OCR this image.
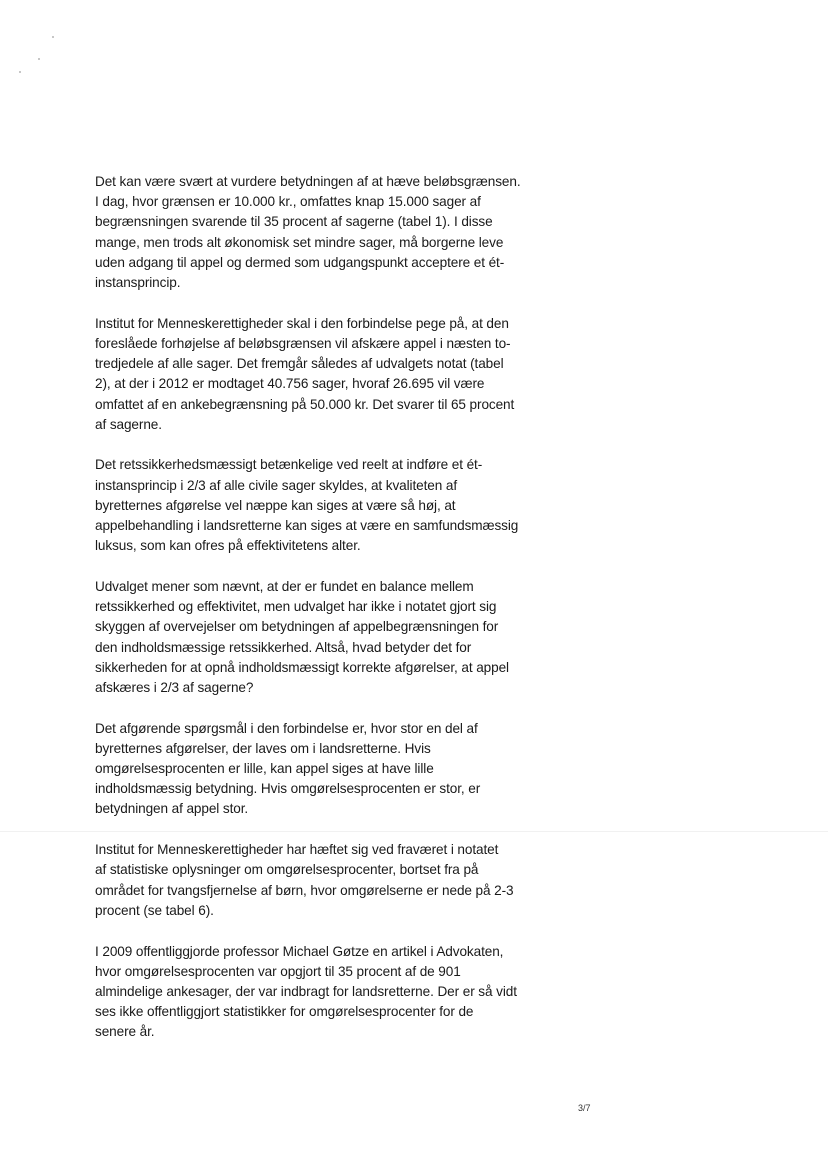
Det kan være svært at vurdere betydningen af at hæve beløbsgrænsen.
I dag, hvor grænsen er 10.000 kr., omfattes knap 15.000 sager af
begrænsningen svarende til 35 procent af sagerne (tabel 1). I disse
mange, men trods alt økonomisk set mindre sager, må borgerne leve
uden adgang til appel og dermed som udgangspunkt acceptere et ét-
instansprincip.

Institut for Menneskerettigheder skal i den forbindelse pege på, at den
foreslåede forhøjelse af beløbsgrænsen vil afskære appel i næsten to-
tredjedele af alle sager. Det fremgår således af udvalgets notat (tabel
2), at der i 2012 er modtaget 40.756 sager, hvoraf 26.695 vil være
omfattet af en ankebegrænsning på 50.000 kr. Det svarer til 65 procent
af sagerne.

Det retssikkerhedsmæssigt betænkelige ved reelt at indføre et ét-
instansprincip i 2/3 af alle civile sager skyldes, at kvaliteten af
byretternes afgørelse vel næppe kan siges at være så høj, at
appelbehandling i landsretterne kan siges at være en samfundsmæssig
luksus, som kan ofres på effektivitetens alter.

Udvalget mener som nævnt, at der er fundet en balance mellem
retssikkerhed og effektivitet, men udvalget har ikke i notatet gjort sig
skyggen af overvejelser om betydningen af appelbegrænsningen for
den indholdsmæssige retssikkerhed. Altså, hvad betyder det for
sikkerheden for at opnå indholdsmæssigt korrekte afgørelser, at appel
afskæres i 2/3 af sagerne?

Det afgørende spørgsmål i den forbindelse er, hvor stor en del af
byretternes afgørelser, der laves om i landsretterne. Hvis
omgørelsesprocenten er lille, kan appel siges at have lille
indholdsmæssig betydning. Hvis omgørelsesprocenten er stor, er
betydningen af appel stor.

Institut for Menneskerettigheder har hæftet sig ved fraværet i notatet
af statistiske oplysninger om omgørelsesprocenter, bortset fra på
området for tvangsfjernelse af børn, hvor omgørelserne er nede på 2-3
procent (se tabel 6).

I 2009 offentliggjorde professor Michael Gøtze en artikel i Advokaten,
hvor omgørelsesprocenten var opgjort til 35 procent af de 901
almindelige ankesager, der var indbragt for landsretterne. Der er så vidt
ses ikke offentliggjort statistikker for omgørelsesprocenter for de
senere år.

3/7
